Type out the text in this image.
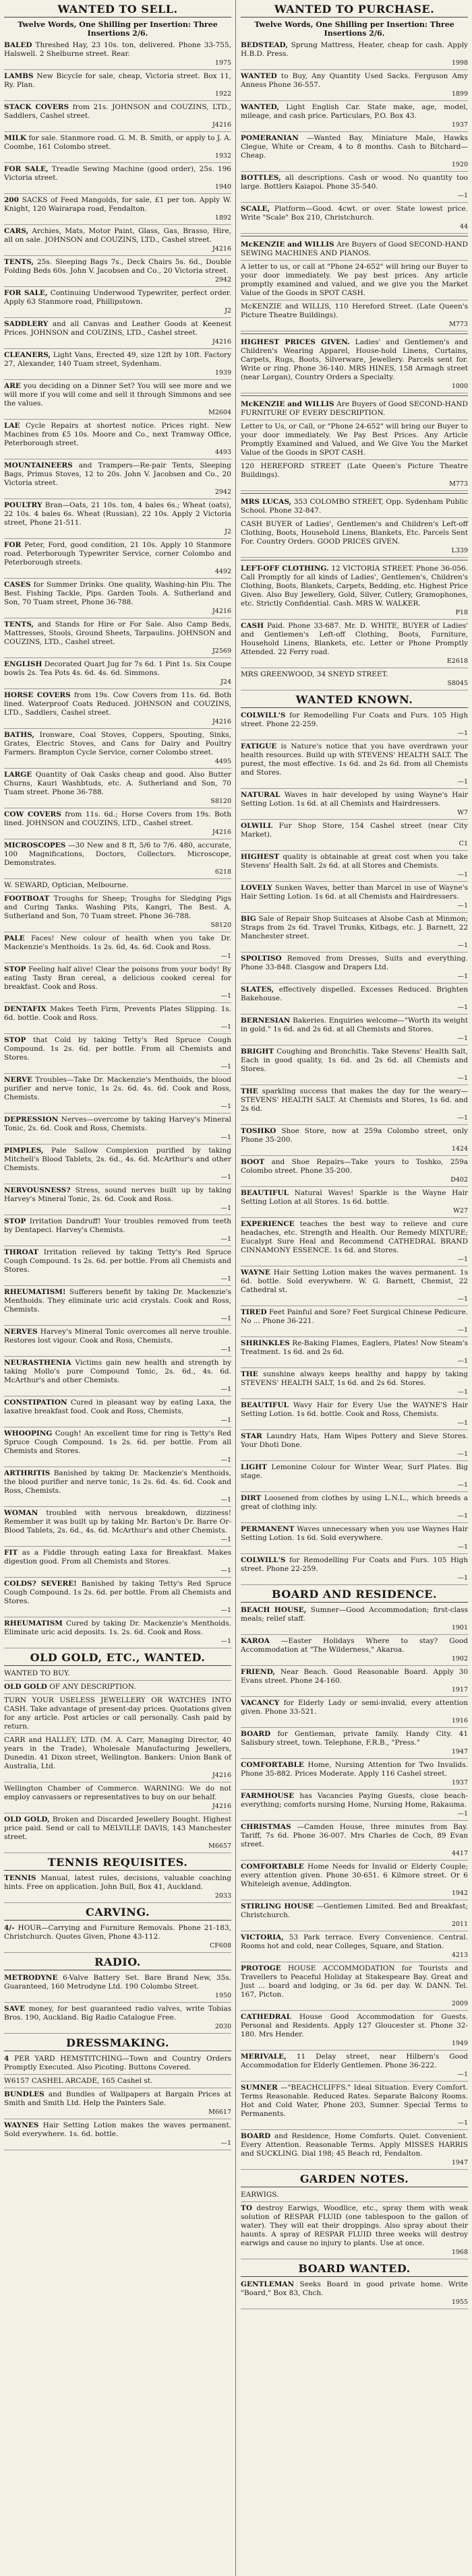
WANTED TO SELL.
Twelve Words, One Shilling per Insertion: Three Insertions 2/6.

BALED Threshed Hay, 23 10s. ton, delivered. Phone 33-755, Halswell. 2 Shelburne street. Rear.
1975

LAMBS New Bicycle for sale, cheap, Victoria street. Box 11, Ry. Plan.
1922

STACK COVERS from 21s. JOHNSON and COUZINS, LTD., Saddlers, Cashel street.
J4216

MILK for sale. Stanmore road. G. M. B. Smith, or apply to J. A. Coombe, 161 Colombo street.
1932

FOR SALE, Treadle Sewing Machine (good order), 25s. 196 Victoria street.
1940

200 SACKS of Feed Mangolds, for sale, £1 per ton. Apply W. Knight, 120 Wairarapa road, Fendalton.
1892

CARS, Archies, Mats, Motor Paint, Glass, Gas, Brasso, Hire, all on sale. JOHNSON and COUZINS, LTD., Cashel street.
J4216

TENTS, 25s. Sleeping Bags 7s., Deck Chairs 5s. 6d., Double Folding Beds 60s. John V. Jacobsen and Co., 20 Victoria street.
2942

FOR SALE, Continuing Underwood Typewriter, perfect order. Apply 63 Stanmore road, Phillipstown.
J2

SADDLERY and all Canvas and Leather Goods at Keenest Prices. JOHNSON and COUZINS, LTD., Cashel street.
J4216

CLEANERS, Light Vans, Erected 49, size 12ft by 10ft. Factory 27, Alexander, 140 Tuam street, Sydenham.
1939

ARE you deciding on a Dinner Set? You will see more and we will more if you will come and sell it through Simmons and see the values.
M2604

LAE Cycle Repairs at shortest notice. Prices right. New Machines from £5 10s. Moore and Co., next Tramway Office, Peterborough street.
4493

MOUNTAINEERS and Trampers—Re-pair Tents, Sleeping Bags, Primus Stoves, 12 to 20s. John V. Jacobsen and Co., 20 Victoria street.
2942

POULTRY Bran—Oats, 21 10s. ton, 4 bales 6s.; Wheat (oats), 22 10s. 4 bales 6s. Wheat (Russian), 22 10s. Apply 2 Victoria street, Phone 21-511.
J2

FOR Peter, Ford, good condition, 21 10s. Apply 10 Stanmore road. Peterborough Typewriter Service, corner Colombo and Peterborough streets.
4492

CASES for Summer Drinks. One quality, Washing-hin Plu. The Best. Fishing Tackle, Pips. Garden Tools. A. Sutherland and Son, 70 Tuam street, Phone 36-788.
J4216

TENTS, and Stands for Hire or For Sale. Also Camp Beds, Mattresses, Stools, Ground Sheets, Tarpaulins. JOHNSON and COUZINS, LTD., Cashel street.
J2569

ENGLISH Decorated Quart Jug for 7s 6d. 1 Pint 1s. Six Coupe bowls 2s. Tea Pots 4s. 6d. 4s. 6d. Simmons.
J24

HORSE COVERS from 19s. Cow Covers from 11s. 6d. Both lined. Waterproof Coats Reduced. JOHNSON and COUZINS, LTD., Saddlers, Cashel street.
J4216

BATHS, Ironware, Coal Stoves, Coppers, Spouting, Sinks, Grates, Electric Stoves, and Cans for Dairy and Poultry Farmers. Brampton Cycle Service, corner Colombo street.
4495

LARGE Quantity of Oak Casks cheap and good. Also Butter Churns, Kauri Washbtuds, etc. A. Sutherland and Son, 70 Tuam street. Phone 36-788.
S8120

COW COVERS from 11s. 6d.; Horse Covers from 19s. Both lined. JOHNSON and COUZINS, LTD., Cashel street.
J4216

MICROSCOPES —30 New and 8 ft, 5/6 to 7/6. 480, accurate, 100 Magnifications, Doctors, Collectors. Microscope, Demonstrates.
6218

W. SEWARD, Optician, Melbourne.

FOOTBOAT Troughs for Sheep; Troughs for Sledging Pigs and Curing Tanks. Washing Pits, Kangri, The Best. A. Sutherland and Son, 70 Tuam street. Phone 36-788.
S8120

PALE Faces! New colour of health when you take Dr. Mackenzie's Menthoids. 1s 2s. 6d, 4s. 6d. Cook and Ross.
—1

STOP Feeling half alive! Clear the poisons from your body! By eating Tasty Bran cereal, a delicious cooked cereal for breakfast. Cook and Ross.
—1

DENTAFIX Makes Teeth Firm, Prevents Plates Slipping. 1s. 6d. bottle. Cook and Ross.
—1

STOP that Cold by taking Tetty's Red Spruce Cough Compound. 1s 2s. 6d. per bottle. From all Chemists and Stores.
—1

NERVE Troubles—Take Dr. Mackenzie's Menthoids, the blood purifier and nerve tonic, 1s 2s. 6d. 4s. 6d. Cook and Ross, Chemists.
—1

DEPRESSION Nerves—overcome by taking Harvey's Mineral Tonic, 2s. 6d. Cook and Ross, Chemists.
—1

PIMPLES, Pale Sallow Complexion purified by taking Mitchell's Blood Tablets, 2s. 6d., 4s. 6d. McArthur's and other Chemists.
—1

NERVOUSNESS? Stress, sound nerves built up by taking Harvey's Mineral Tonic, 2s. 6d. Cook and Ross.
—1

STOP Irritation Dandruff! Your troubles removed from teeth by Dentapeci. Harvey's Chemists.
—1

THROAT Irritation relieved by taking Tetty's Red Spruce Cough Compound. 1s 2s. 6d. per bottle. From all Chemists and Stores.
—1

RHEUMATISM! Sufferers benefit by taking Dr. Mackenzie's Menthoids. They eliminate uric acid crystals. Cook and Ross, Chemists.
—1

NERVES Harvey's Mineral Tonic overcomes all nerve trouble. Restores lost vigour. Cook and Ross, Chemists.
—1

NEURASTHENIA Victims gain new health and strength by taking Mollo's pure Compound Tonic, 2s. 6d., 4s. 6d. McArthur's and other Chemists.
—1

CONSTIPATION Cured in pleasant way by eating Laxa, the laxative breakfast food. Cook and Ross, Chemists.
—1

WHOOPING Cough! An excellent time for ring is Tetty's Red Spruce Cough Compound. 1s 2s. 6d. per bottle. From all Chemists and Stores.
—1

ARTHRITIS Banished by taking Dr. Mackenzie's Menthoids, the blood purifier and nerve tonic, 1s 2s. 6d. 4s. 6d. Cook and Ross, Chemists.
—1

WOMAN troubled with nervous breakdown, dizziness! Remember it was built up by taking Mr. Barton's Dr. Barre Or-Blood Tablets, 2s. 6d., 4s. 6d. McArthur's and other Chemists.
—1

FIT as a Fiddle through eating Laxa for Breakfast. Makes digestion good. From all Chemists and Stores.
—1

COLDS? SEVERE! Banished by taking Tetty's Red Spruce Cough Compound. 1s 2s. 6d. per bottle. From all Chemists and Stores.
—1

RHEUMATISM Cured by taking Dr. Mackenzie's Menthoids. Eliminate uric acid deposits. 1s. 2s. 6d. Cook and Ross.
—1

OLD GOLD, ETC., WANTED.

WANTED TO BUY.

OLD GOLD OF ANY DESCRIPTION.

TURN YOUR USELESS JEWELLERY OR WATCHES INTO CASH. Take advantage of present-day prices. Quotations given for any article. Post articles or call personally. Cash paid by return.

CARR and HALLEY, LTD. (M. A. Carr, Managing Director, 40 years in the Trade), Wholesale Manufacturing Jewellers, Dunedin. 41 Dixon street, Wellington. Bankers: Union Bank of Australia, Ltd.
J4216

Wellington Chamber of Commerce. WARNING: We do not employ canvassers or representatives to buy on our behalf.
J4216

OLD GOLD, Broken and Discarded Jewellery Bought. Highest price paid. Send or call to MELVILLE DAVIS, 143 Manchester street.
M6657

TENNIS REQUISITES.

TENNIS Manual, latest rules, decisions, valuable coaching hints. Free on application. John Bull, Box 41, Auckland.
2033

CARVING.

4/- HOUR—Carrying and Furniture Removals. Phone 21-183, Christchurch. Quotes Given, Phone 43-112.
CF608

RADIO.

METRODYNE 6-Valve Battery Set. Bare Brand New, 35s. Guaranteed, 160 Metrodyne Ltd. 190 Colombo Street.
1950

SAVE money, for best guaranteed radio valves, write Tobias Bros. 190, Auckland. Big Radio Catalogue Free.
2030

DRESSMAKING.

4 PER YARD HEMSTITCHING—Town and Country Orders Promptly Executed. Also Picoting. Buttons Covered.

W6157 CASHEL ARCADE, 165 Cashel st.

BUNDLES and Bundles of Wallpapers at Bargain Prices at Smith and Smith Ltd. Help the Painters Sale.
M6617

WAYNES Hair Setting Lotion makes the waves permanent. Sold everywhere. 1s. 6d. bottle.
—1

WANTED TO PURCHASE.
Twelve Words, One Shilling per Insertion: Three Insertions 2/6.

BEDSTEAD, Sprung Mattress, Heater, cheap for cash. Apply H.B.D. Press.
1998

WANTED to Buy, Any Quantity Used Sacks. Ferguson Amy Anness Phone 36-557.
1899

WANTED, Light English Car. State make, age, model, mileage, and cash price. Particulars, P.O. Box 43.
1937

POMERANIAN —Wanted Bay, Miniature Male, Hawks Clegue, White or Cream, 4 to 8 months. Cash to Bitchard—Cheap.
1920

BOTTLES, all descriptions. Cash or wood. No quantity too large. Bottlers Kaiapoi. Phone 35-540.
—1

SCALE, Platform—Good. 4cwt. or over. State lowest price. Write "Scale" Box 210, Christchurch.
44

McKENZIE and WILLIS Are Buyers of Good SECOND-HAND SEWING MACHINES AND PIANOS.

A letter to us, or call at "Phone 24-652" will bring our Buyer to your door immediately. We pay best prices. Any article promptly examined and valued, and we give you the Market Value of the Goods in SPOT CASH.

McKENZIE and WILLIS, 110 Hereford Street. (Late Queen's Picture Theatre Buildings).
M773

HIGHEST PRICES GIVEN. Ladies' and Gentlemen's and Children's Wearing Apparel, House-hold Linens, Curtains, Carpets, Rugs, Boots, Silverware, Jewellery. Parcels sent for. Write or ring. Phone 36-140. MRS HINES, 158 Armagh street (near Lorgan), Country Orders a Specialty.
1000

McKENZIE and WILLIS Are Buyers of Good SECOND-HAND FURNITURE OF EVERY DESCRIPTION.

Letter to Us, or Call, or "Phone 24-652" will bring our Buyer to your door immediately. We Pay Best Prices. Any Article Promptly Examined and Valued, and We Give You the Market Value of the Goods in SPOT CASH.

120 HEREFORD STREET (Late Queen's Picture Theatre Buildings).
M773

MRS LUCAS, 353 COLOMBO STREET, Opp. Sydenham Public School. Phone 32-847.

CASH BUYER of Ladies', Gentlemen's and Children's Left-off Clothing, Boots, Household Linens, Blankets, Etc. Parcels Sent For. Country Orders. GOOD PRICES GIVEN.
L339

LEFT-OFF CLOTHING. 12 VICTORIA STREET. Phone 36-056. Call Promptly for all kinds of Ladies', Gentlemen's, Children's Clothing, Boots, Blankets, Carpets, Bedding, etc. Highest Price Given. Also Buy Jewellery, Gold, Silver, Cutlery, Gramophones, etc. Strictly Confidential. Cash. MRS W. WALKER.
P18

CASH Paid. Phone 33-687. Mr. D. WHITE, BUYER of Ladies' and Gentlemen's Left-off Clothing, Boots, Furniture, Household Linens, Blankets, etc. Letter or Phone Promptly Attended. 22 Ferry road.
E2618

MRS GREENWOOD, 34 SNEYD STREET.
S8045

WANTED KNOWN.

COLWILL'S for Remodelling Fur Coats and Furs. 105 High street. Phone 22-259.
—1

FATIGUE is Nature's notice that you have overdrawn your health resources. Build up with STEVENS' HEALTH SALT. The purest, the most effective. 1s 6d. and 2s 6d. from all Chemists and Stores.
—1

NATURAL Waves in hair developed by using Wayne's Hair Setting Lotion. 1s 6d. at all Chemists and Hairdressers.
W7

OLWILL Fur Shop Store, 154 Cashel street (near City Market).
C1

HIGHEST quality is obtainable at great cost when you take Stevens' Health Salt. 2s 6d. at all Stores and Chemists.
—1

LOVELY Sunken Waves, better than Marcel in use of Wayne's Hair Setting Lotion. 1s 6d. at all Chemists and Hairdressers.
—1

BIG Sale of Repair Shop Suitcases at Alsobe Cash at Minmon; Straps from 2s 6d. Travel Trunks, Kitbags, etc. J. Barnett, 22 Manchester street.
—1

SPOLTISO Removed from Dresses, Suits and everything. Phone 33-848. Clasgow and Drapers Ltd.
—1

SLATES, effectively dispelled. Excesses Reduced. Brighten Bakehouse.
—1

BERNESIAN Bakeries. Enquiries welcome—"Worth its weight in gold." 1s 6d. and 2s 6d. at all Chemists and Stores.
—1

BRIGHT Coughing and Bronchitis. Take Stevens' Health Salt, Each in good quality, 1s 6d. and 2s 6d. all Chemists and Stores.
—1

THE sparkling success that makes the day for the weary—STEVENS' HEALTH SALT. At Chemists and Stores, 1s 6d. and 2s 6d.
—1

TOSHKO Shoe Store, now at 259a Colombo street, only Phone 35-200.
1424

BOOT and Shoe Repairs—Take yours to Toshko, 259a Colombo street. Phone 35-200.
D402

BEAUTIFUL Natural Waves! Sparkle is the Wayne Hair Setting Lotion at all Stores. 1s 6d. bottle.
W27

EXPERIENCE teaches the best way to relieve and cure headaches, etc. Strength and Health. Our Remedy MIXTURE; Eucalypt Sure Heal and Recommend CATHEDRAL BRAND CINNAMONY ESSENCE. 1s 6d. and Stores.
—1

WAYNE Hair Setting Lotion makes the waves permanent. 1s 6d. bottle. Sold everywhere. W. G. Barnett, Chemist, 22 Cathedral st.
—1

TIRED Feet Painful and Sore? Feet Surgical Chinese Pedicure. No ... Phone 36-221.
—1

SHRINKLES Re-Baking Flames, Eaglers, Plates! Now Steam's Treatment. 1s 6d. and 2s 6d.
—1

THE sunshine always keeps healthy and happy by taking STEVENS' HEALTH SALT, 1s 6d. and 2s 6d. Stores.
—1

BEAUTIFUL Wavy Hair for Every Use the WAYNE'S Hair Setting Lotion. 1s 6d. bottle. Cook and Ross, Chemists.
—1

STAR Laundry Hats, Ham Wipes Pottery and Sieve Stores. Your Dhoti Done.
—1

LIGHT Lemonine Colour for Winter Wear, Surf Plates. Big stage.
—1

DIRT Loosened from clothes by using L.N.L., which breeds a great of clothing inly.
—1

PERMANENT Waves unnecessary when you use Waynes Hair Setting Lotion. 1s 6d. Sold everywhere.
—1

COLWILL'S for Remodelling Fur Coats and Furs. 105 High street. Phone 22-259.
—1

BOARD AND RESIDENCE.

BEACH HOUSE, Sumner—Good Accommodation; first-class meals; relief staff.
1901

KAROA —Easter Holidays Where to stay? Good Accommodation at "The Wilderness," Akaroa.
1902

FRIEND, Near Beach. Good Reasonable Board. Apply 30 Evans street. Phone 24-160.
1917

VACANCY for Elderly Lady or semi-invalid, every attention given. Phone 33-521.
1916

BOARD for Gentleman, private family. Handy City. 41 Salisbury street, town. Telephone, F.R.B., "Press."
1947

COMFORTABLE Home, Nursing Attention for Two Invalids. Phone 35-882. Prices Moderate. Apply 116 Cashel street.
1937

FARMHOUSE has Vacancies Paying Guests, close beach-everything; comforts nursing Home, Nursing Home, Rakauma.
—1

CHRISTMAS —Camden House, three minutes from Bay. Tariff, 7s 6d. Phone 36-007. Mrs Charles de Coch, 89 Evan street.
4417

COMFORTABLE Home Needs for Invalid or Elderly Couple; every attention given. Phone 30-651. 6 Kilmore street. Or 6 Whiteleigh avenue, Addington.
1942

STIRLING HOUSE —Gentlemen Limited. Bed and Breakfast; Christchurch.
2011

VICTORIA, 53 Park terrace. Every Convenience. Central. Rooms hot and cold, near Colleges, Square, and Station.
4213

PROTOGE HOUSE ACCOMMODATION for Tourists and Travellers to Peaceful Holiday at Stakespeare Bay. Great and Just ... board and lodging, or 3s 6d. per day. W. DANN. Tel. 167, Picton.
2009

CATHEDRAL House Good Accommodation for Guests. Personal and Residents. Apply 127 Gloucester st. Phone 32-180. Mrs Hender.
1949

MERIVALE, 11 Delay street, near Hilbern's Good Accommodation for Elderly Gentlemen. Phone 36-222.
—1

SUMNER —"BEACHCLIFFS." Ideal Situation. Every Comfort. Terms Reasonable. Reduced Rates. Separate Balcony Rooms. Hot and Cold Water, Phone 203, Sumner. Special Terms to Permanents.
—1

BOARD and Residence, Home Comforts. Quiet. Convenient. Every Attention. Reasonable Terms. Apply MISSES HARRIS and SUCKLING. Dial 198; 45 Beach rd, Fendalton.
1947

GARDEN NOTES.

EARWIGS.

TO destroy Earwigs, Woodlice, etc., spray them with weak solution of RESPAR FLUID (one tablespoon to the gallon of water). They will eat their droppings. Also spray about their haunts. A spray of RESPAR FLUID three weeks will destroy earwigs and cause no injury to plants. Use at once.
1968

BOARD WANTED.

GENTLEMAN Seeks Board in good private home. Write "Board," Box 83, Chch.
1955
